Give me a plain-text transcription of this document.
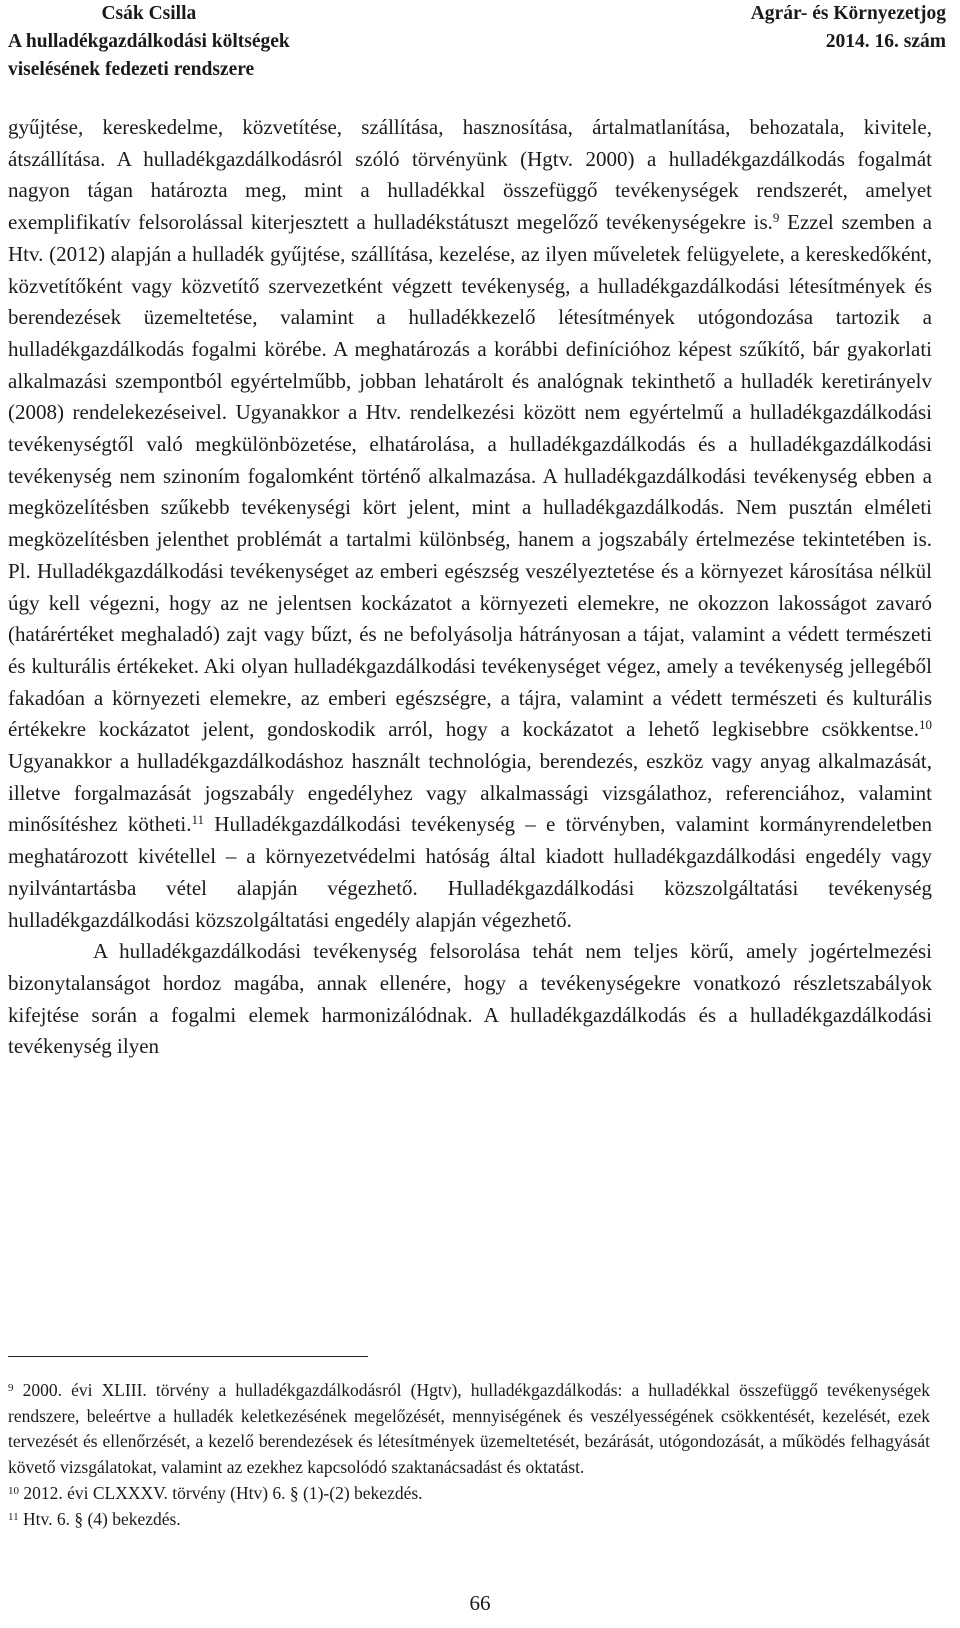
Csák Csilla
A hulladékgazdálkodási költségek
viselésének fedezeti rendszere
Agrár- és Környezetjog
2014. 16. szám

gyűjtése, kereskedelme, közvetítése, szállítása, hasznosítása, ártalmatlanítása, behozatala, kivitele, átszállítása. A hulladékgazdálkodásról szóló törvényünk (Hgtv. 2000) a hulladékgazdálkodás fogalmát nagyon tágan határozta meg, mint a hulladékkal összefüggő tevékenységek rendszerét, amelyet exemplifikatív felsorolással kiterjesztett a hulladékstátuszt megelőző tevékenységekre is.$^9$ Ezzel szemben a Htv. (2012) alapján a hulladék gyűjtése, szállítása, kezelése, az ilyen műveletek felügyelete, a kereskedőként, közvetítőként vagy közvetítő szervezetként végzett tevékenység, a hulladékgazdálkodási létesítmények és berendezések üzemeltetése, valamint a hulladékkezelő létesítmények utógondozása tartozik a hulladékgazdálkodás fogalmi körébe. A meghatározás a korábbi definícióhoz képest szűkítő, bár gyakorlati alkalmazási szempontból egyértelműbb, jobban lehatárolt és analógnak tekinthető a hulladék keretirányelv (2008) rendelekezéseivel. Ugyanakkor a Htv. rendelkezési között nem egyértelmű a hulladékgazdálkodási tevékenységtől való megkülönbözetése, elhatárolása, a hulladékgazdálkodás és a hulladékgazdálkodási tevékenység nem szinoním fogalomként történő alkalmazása. A hulladékgazdálkodási tevékenység ebben a megközelítésben szűkebb tevékenységi kört jelent, mint a hulladékgazdálkodás. Nem pusztán elméleti megközelítésben jelenthet problémát a tartalmi különbség, hanem a jogszabály értelmezése tekintetében is. Pl. Hulladékgazdálkodási tevékenységet az emberi egészség veszélyeztetése és a környezet károsítása nélkül úgy kell végezni, hogy az ne jelentsen kockázatot a környezeti elemekre, ne okozzon lakosságot zavaró (határértéket meghaladó) zajt vagy bűzt, és ne befolyásolja hátrányosan a tájat, valamint a védett természeti és kulturális értékeket. Aki olyan hulladékgazdálkodási tevékenységet végez, amely a tevékenység jellegéből fakadóan a környezeti elemekre, az emberi egészségre, a tájra, valamint a védett természeti és kulturális értékekre kockázatot jelent, gondoskodik arról, hogy a kockázatot a lehető legkisebbre csökkentse.$^{10}$ Ugyanakkor a hulladékgazdálkodáshoz használt technológia, berendezés, eszköz vagy anyag alkalmazását, illetve forgalmazását jogszabály engedélyhez vagy alkalmassági vizsgálathoz, referenciához, valamint minősítéshez kötheti.$^{11}$ Hulladékgazdálkodási tevékenység – e törvényben, valamint kormányrendeletben meghatározott kivétellel – a környezetvédelmi hatóság által kiadott hulladékgazdálkodási engedély vagy nyilvántartásba vétel alapján végezhető. Hulladékgazdálkodási közszolgáltatási tevékenység hulladékgazdálkodási közszolgáltatási engedély alapján végezhető.

A hulladékgazdálkodási tevékenység felsorolása tehát nem teljes körű, amely jogértelmezési bizonytalanságot hordoz magába, annak ellenére, hogy a tevékenységekre vonatkozó részletszabályok kifejtése során a fogalmi elemek harmonizálódnak. A hulladékgazdálkodás és a hulladékgazdálkodási tevékenység ilyen

$^9$ 2000. évi XLIII. törvény a hulladékgazdálkodásról (Hgtv), hulladékgazdálkodás: a hulladékkal összefüggő tevékenységek rendszere, beleértve a hulladék keletkezésének megelőzését, mennyiségének és veszélyességének csökkentését, kezelését, ezek tervezését és ellenőrzését, a kezelő berendezések és létesítmények üzemeltetését, bezárását, utógondozását, a működés felhagyását követő vizsgálatokat, valamint az ezekhez kapcsolódó szaktanácsadást és oktatást.

$^{10}$ 2012. évi CLXXXV. törvény (Htv) 6. § (1)-(2) bekezdés.

$^{11}$ Htv. 6. § (4) bekezdés.

66
